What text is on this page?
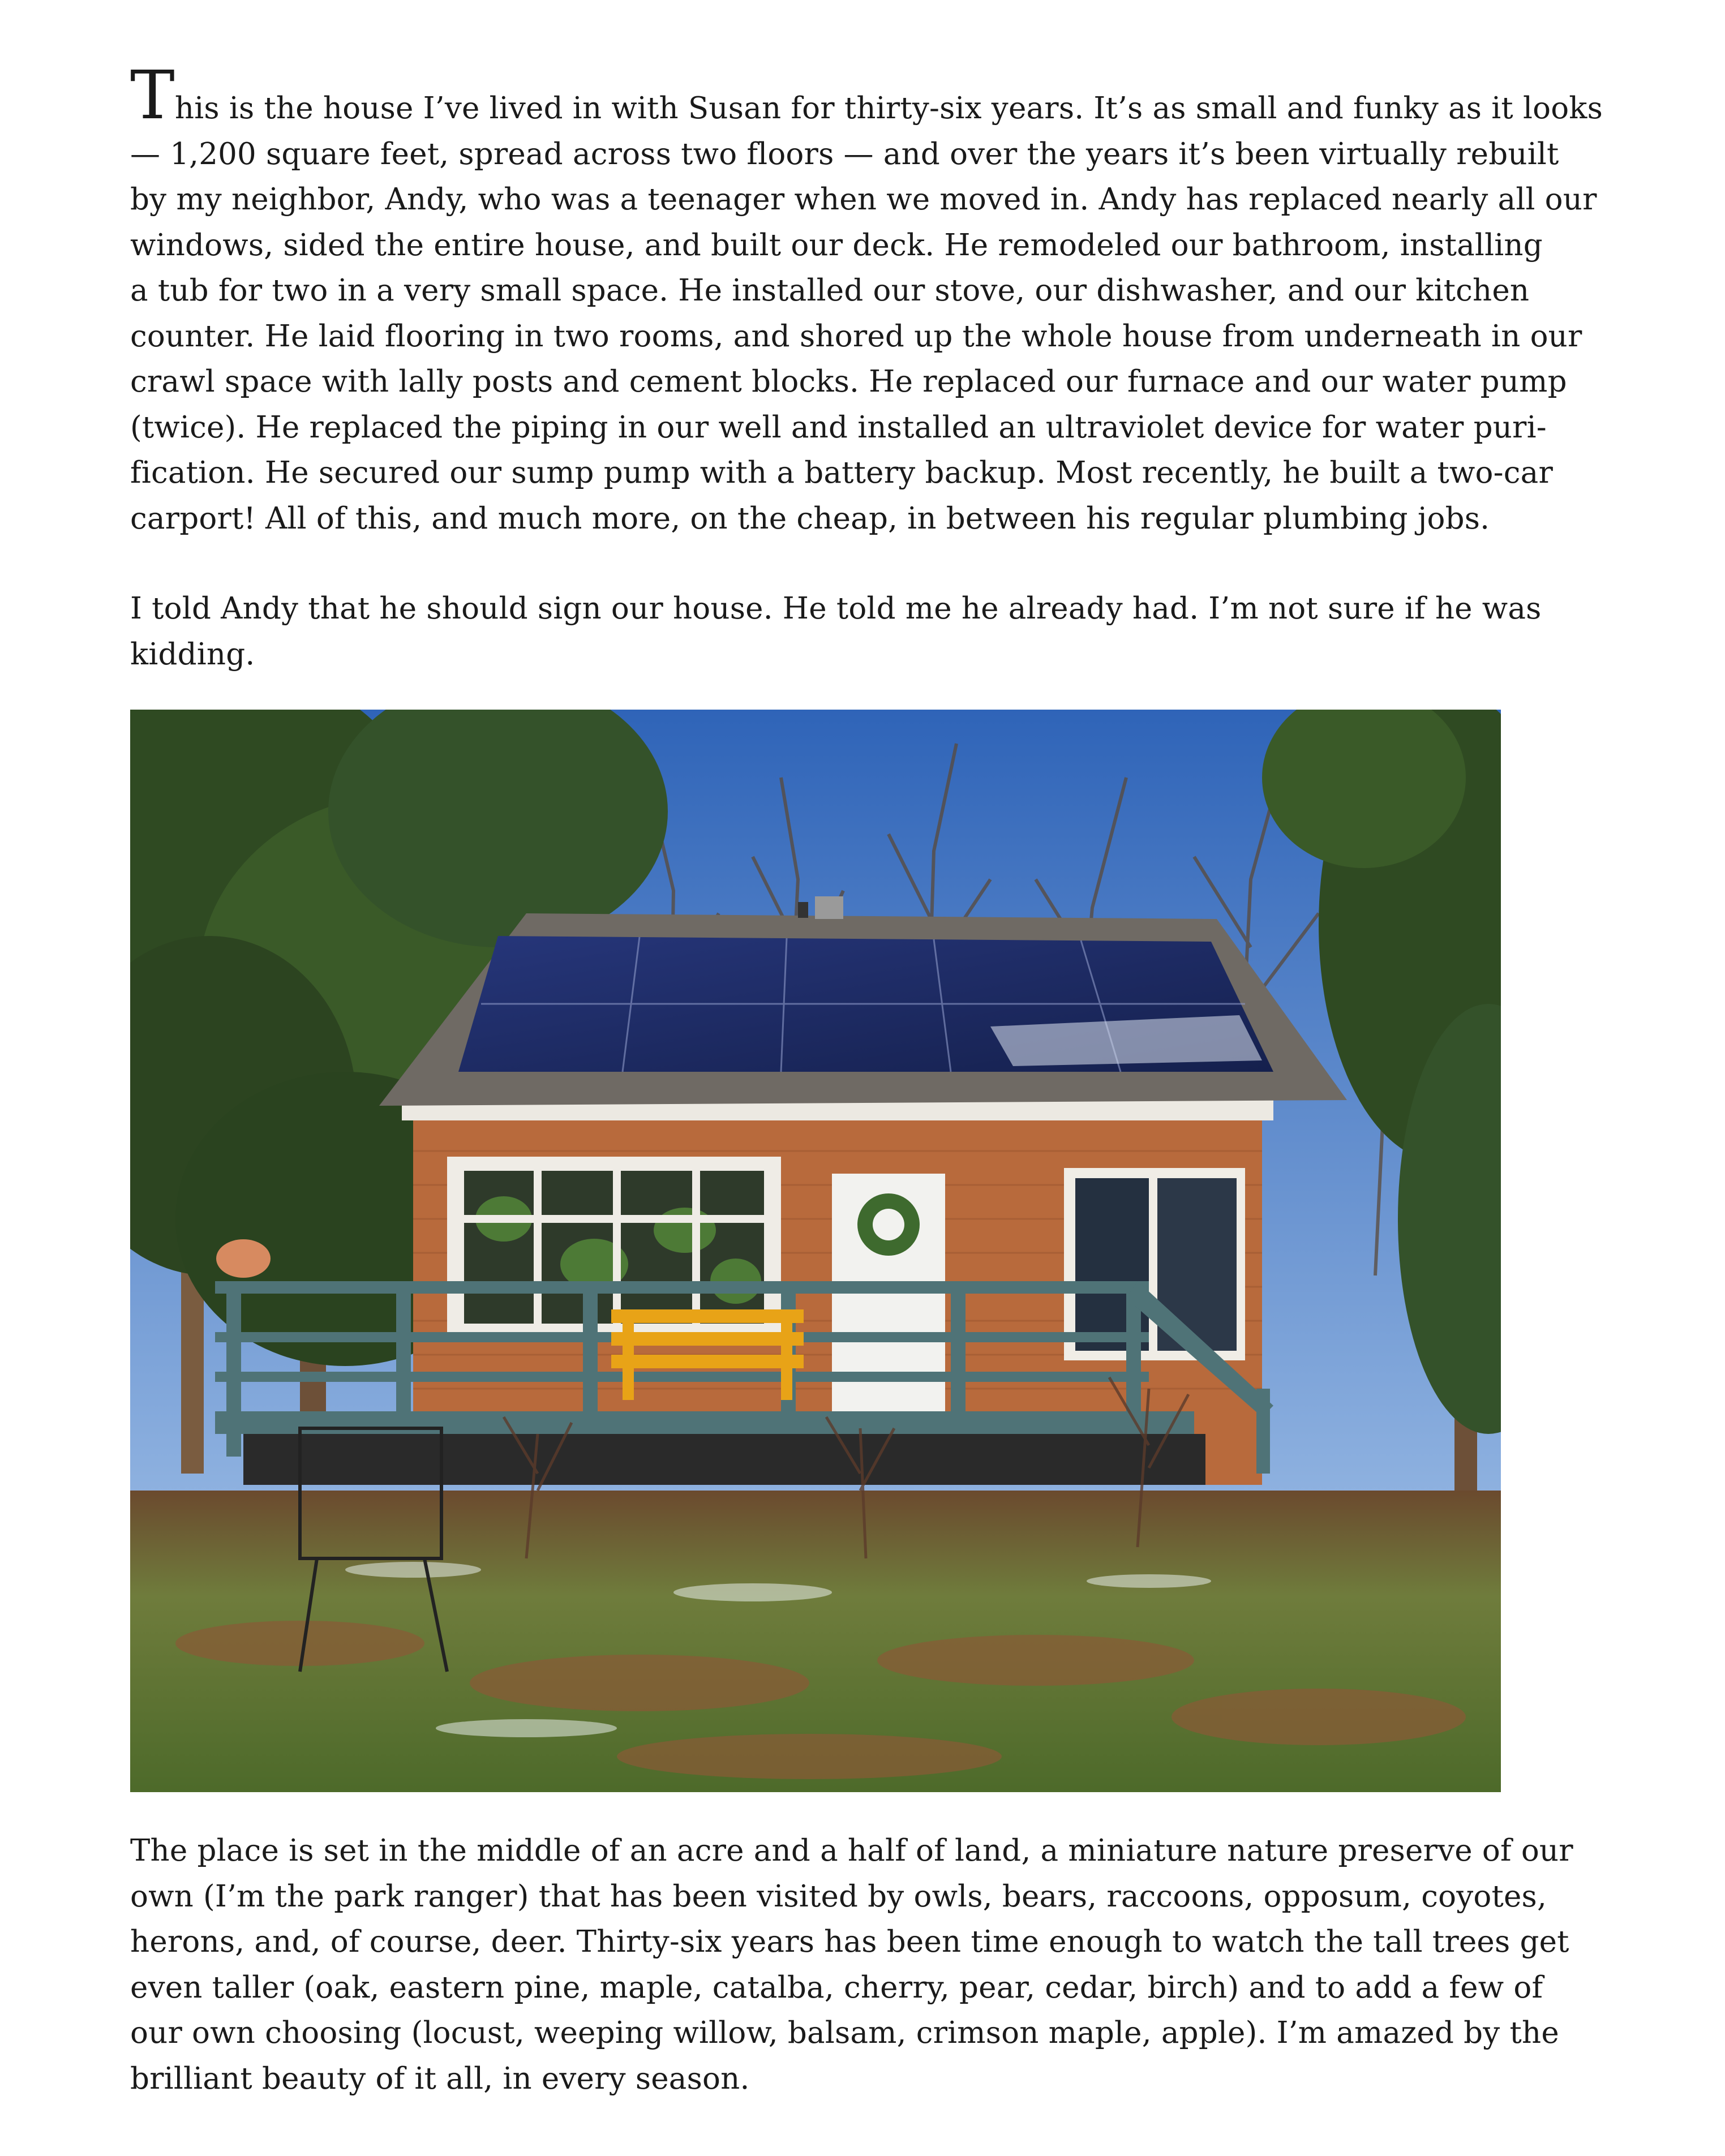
This is the house I’ve lived in with Susan for thirty-six years. It’s as small and funky as it looks
— 1,200 square feet, spread across two floors — and over the years it’s been virtually rebuilt
by my neighbor, Andy, who was a teenager when we moved in. Andy has replaced nearly all our
windows, sided the entire house, and built our deck. He remodeled our bathroom, installing
a tub for two in a very small space. He installed our stove, our dishwasher, and our kitchen
counter. He laid flooring in two rooms, and shored up the whole house from underneath in our
crawl space with lally posts and cement blocks. He replaced our furnace and our water pump
(twice). He replaced the piping in our well and installed an ultraviolet device for water puri-
fication. He secured our sump pump with a battery backup. Most recently, he built a two-car
carport! All of this, and much more, on the cheap, in between his regular plumbing jobs.
I told Andy that he should sign our house. He told me he already had. I’m not sure if he was
kidding.
The place is set in the middle of an acre and a half of land, a miniature nature preserve of our
own (I’m the park ranger) that has been visited by owls, bears, raccoons, opposum, coyotes,
herons, and, of course, deer. Thirty-six years has been time enough to watch the tall trees get
even taller (oak, eastern pine, maple, catalba, cherry, pear, cedar, birch) and to add a few of
our own choosing (locust, weeping willow, balsam, crimson maple, apple). I’m amazed by the
brilliant beauty of it all, in every season.
